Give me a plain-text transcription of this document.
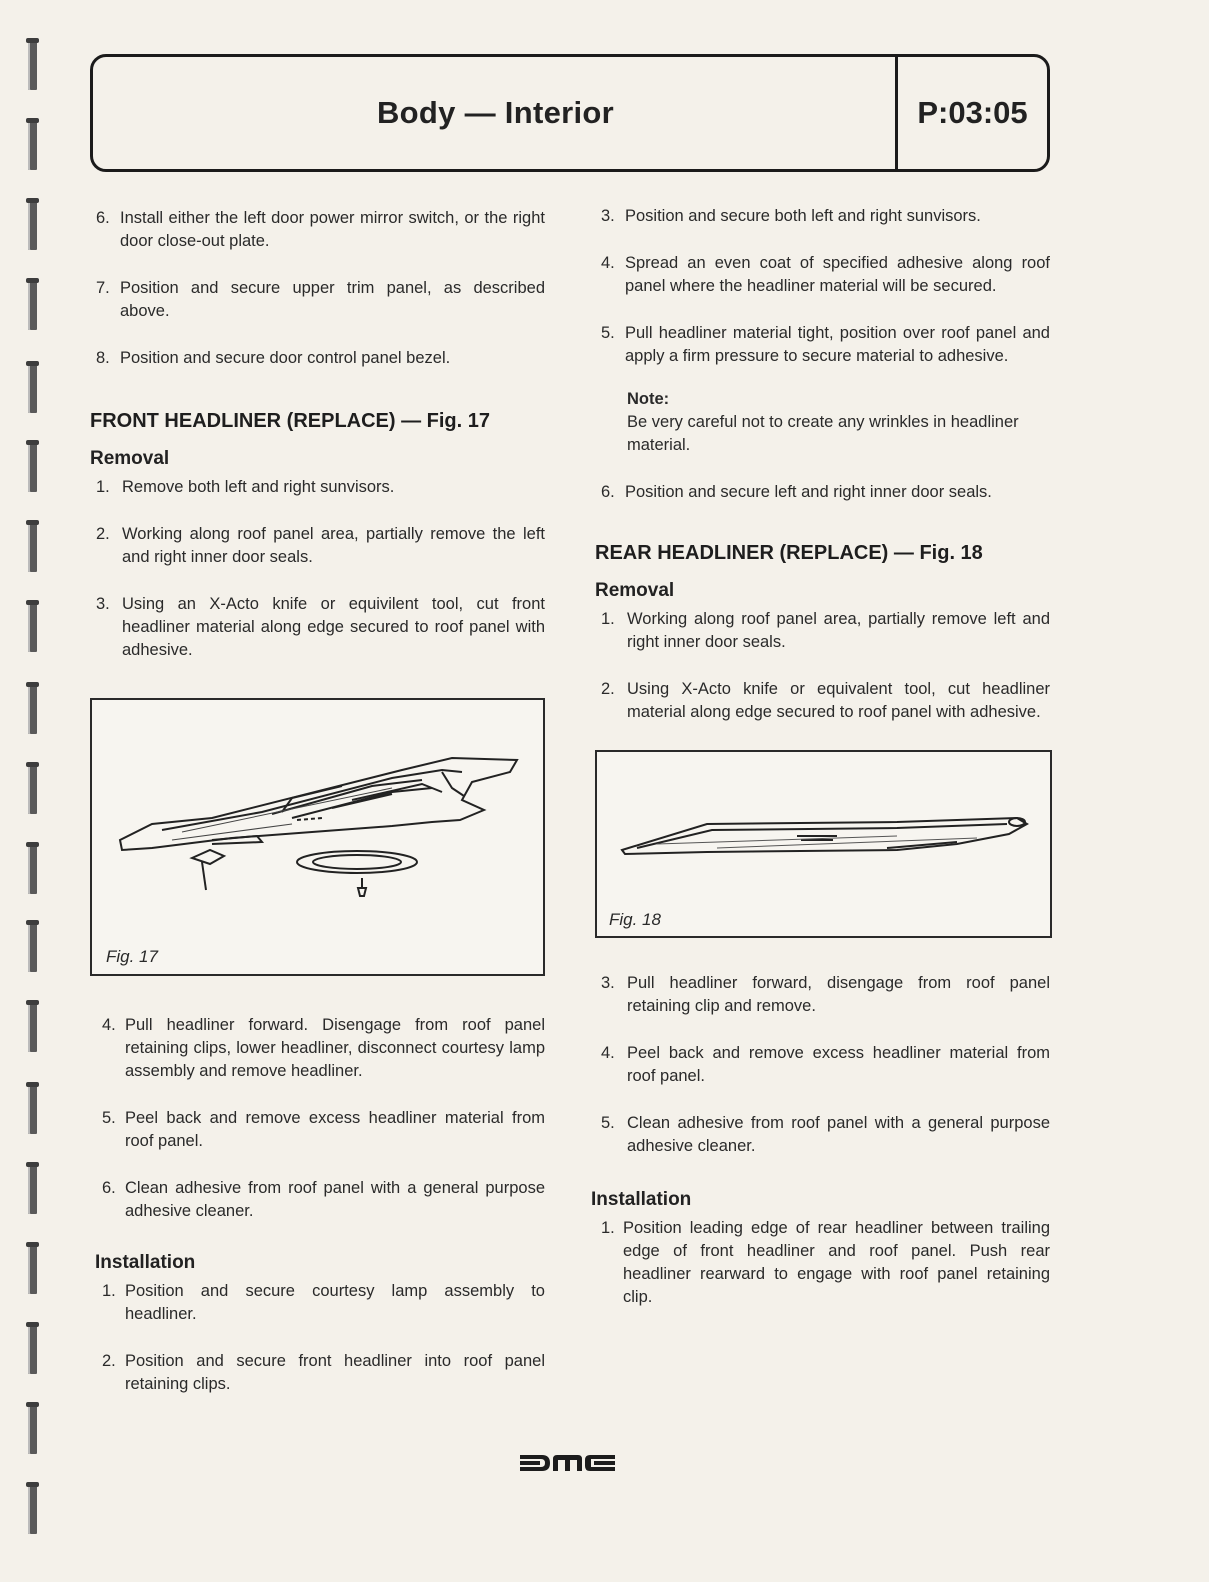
Body — Interior	P:03:05
6. Install either the left door power mirror switch, or the right door close-out plate.
7. Position and secure upper trim panel, as described above.
8. Position and secure door control panel bezel.
FRONT HEADLINER (REPLACE) — Fig. 17
Removal
1. Remove both left and right sunvisors.
2. Working along roof panel area, partially remove the left and right inner door seals.
3. Using an X-Acto knife or equivilent tool, cut front headliner material along edge secured to roof panel with adhesive.
Fig. 17
4. Pull headliner forward. Disengage from roof panel retaining clips, lower headliner, disconnect courtesy lamp assembly and remove headliner.
5. Peel back and remove excess headliner material from roof panel.
6. Clean adhesive from roof panel with a general purpose adhesive cleaner.
Installation
1. Position and secure courtesy lamp assembly to headliner.
2. Position and secure front headliner into roof panel retaining clips.
3. Position and secure both left and right sunvisors.
4. Spread an even coat of specified adhesive along roof panel where the headliner material will be secured.
5. Pull headliner material tight, position over roof panel and apply a firm pressure to secure material to adhesive.
Note:
Be very careful not to create any wrinkles in headliner material.
6. Position and secure left and right inner door seals.
REAR HEADLINER (REPLACE) — Fig. 18
Removal
1. Working along roof panel area, partially remove left and right inner door seals.
2. Using X-Acto knife or equivalent tool, cut headliner material along edge secured to roof panel with adhesive.
Fig. 18
3. Pull headliner forward, disengage from roof panel retaining clip and remove.
4. Peel back and remove excess headliner material from roof panel.
5. Clean adhesive from roof panel with a general purpose adhesive cleaner.
Installation
1. Position leading edge of rear headliner between trailing edge of front headliner and roof panel. Push rear headliner rearward to engage with roof panel retaining clip.
